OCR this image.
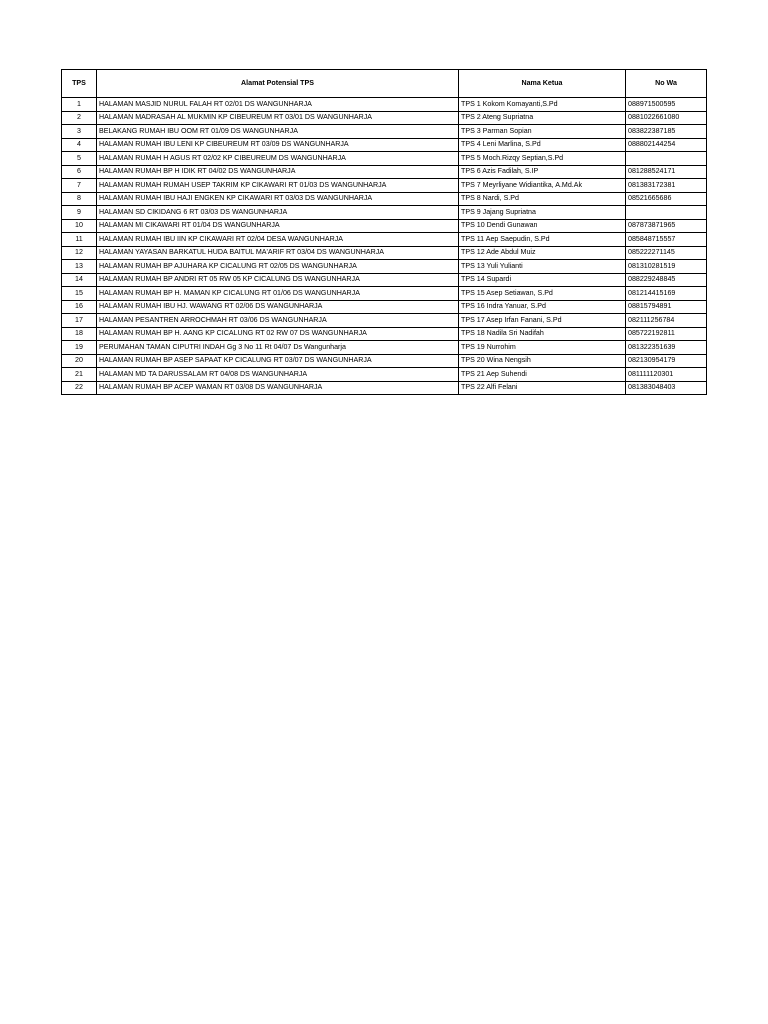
TPS	Alamat Potensial TPS	Nama Ketua	No Wa
1	HALAMAN MASJID NURUL FALAH RT 02/01 DS WANGUNHARJA	TPS 1 Kokom Komayanti,S.Pd	088971500595
2	HALAMAN MADRASAH AL MUKMIN KP CIBEUREUM RT 03/01 DS WANGUNHARJA	TPS 2 Ateng Supriatna	0881022661080
3	BELAKANG RUMAH IBU OOM RT 01/09 DS WANGUNHARJA	TPS 3 Parman Sopian	083822387185
4	HALAMAN RUMAH IBU LENI KP CIBEUREUM RT 03/09 DS WANGUNHARJA	TPS 4 Leni Marlina, S.Pd	088802144254
5	HALAMAN RUMAH H AGUS RT 02/02 KP CIBEUREUM DS WANGUNHARJA	TPS 5 Moch.Rizqy Septian,S.Pd	
6	HALAMAN RUMAH BP H IDIK RT 04/02 DS WANGUNHARJA	TPS 6 Azis Fadilah, S.IP	081288524171
7	HALAMAN RUMAH RUMAH USEP TAKRIM KP CIKAWARI RT 01/03 DS WANGUNHARJA	TPS 7 Meyrliyane Widiantika, A.Md.Ak	081383172381
8	HALAMAN RUMAH IBU HAJI ENGKEN KP CIKAWARI RT 03/03 DS WANGUNHARJA	TPS 8 Nardi, S.Pd	08521665686
9	HALAMAN SD CIKIDANG 6 RT 03/03 DS WANGUNHARJA	TPS 9 Jajang Supriatna	
10	HALAMAN MI CIKAWARI RT 01/04 DS WANGUNHARJA	TPS 10 Dendi Gunawan	087873871965
11	HALAMAN RUMAH IBU IIN KP CIKAWARI RT 02/04 DESA WANGUNHARJA	TPS 11 Aep Saepudin, S.Pd	085848715557
12	HALAMAN YAYASAN BARKATUL HUDA BAITUL MA'ARIF RT 03/04 DS WANGUNHARJA	TPS 12 Ade Abdul Muiz	085222271145
13	HALAMAN RUMAH BP AJUHARA KP CICALUNG RT 02/05 DS WANGUNHARJA	TPS 13 Yuli Yulianti	081310281519
14	HALAMAN RUMAH BP ANDRI RT 05 RW 05 KP CICALUNG DS WANGUNHARJA	TPS 14 Supardi	088229248845
15	HALAMAN RUMAH BP H. MAMAN KP CICALUNG RT 01/06 DS WANGUNHARJA	TPS 15 Asep Setiawan, S.Pd	081214415169
16	HALAMAN RUMAH IBU HJ. WAWANG RT 02/06 DS WANGUNHARJA	TPS 16 Indra Yanuar, S.Pd	08815794891
17	HALAMAN PESANTREN ARROCHMAH RT 03/06 DS WANGUNHARJA	TPS 17 Asep Irfan Fanani, S.Pd	082111256784
18	HALAMAN RUMAH BP H. AANG KP CICALUNG RT 02 RW 07 DS WANGUNHARJA	TPS 18 Nadila Sri Nadifah	085722192811
19	PERUMAHAN TAMAN CIPUTRI INDAH Gg 3 No 11 Rt 04/07 Ds Wangunharja	TPS 19 Nurrohim	081322351639
20	HALAMAN RUMAH BP ASEP SAPAAT KP CICALUNG RT 03/07 DS WANGUNHARJA	TPS 20 Wina Nengsih	082130954179
21	HALAMAN MD TA DARUSSALAM RT 04/08 DS WANGUNHARJA	TPS 21 Aep Suhendi	081111120301
22	HALAMAN RUMAH BP ACEP WAMAN RT 03/08 DS WANGUNHARJA	TPS 22 Alfi Felani	081383048403
